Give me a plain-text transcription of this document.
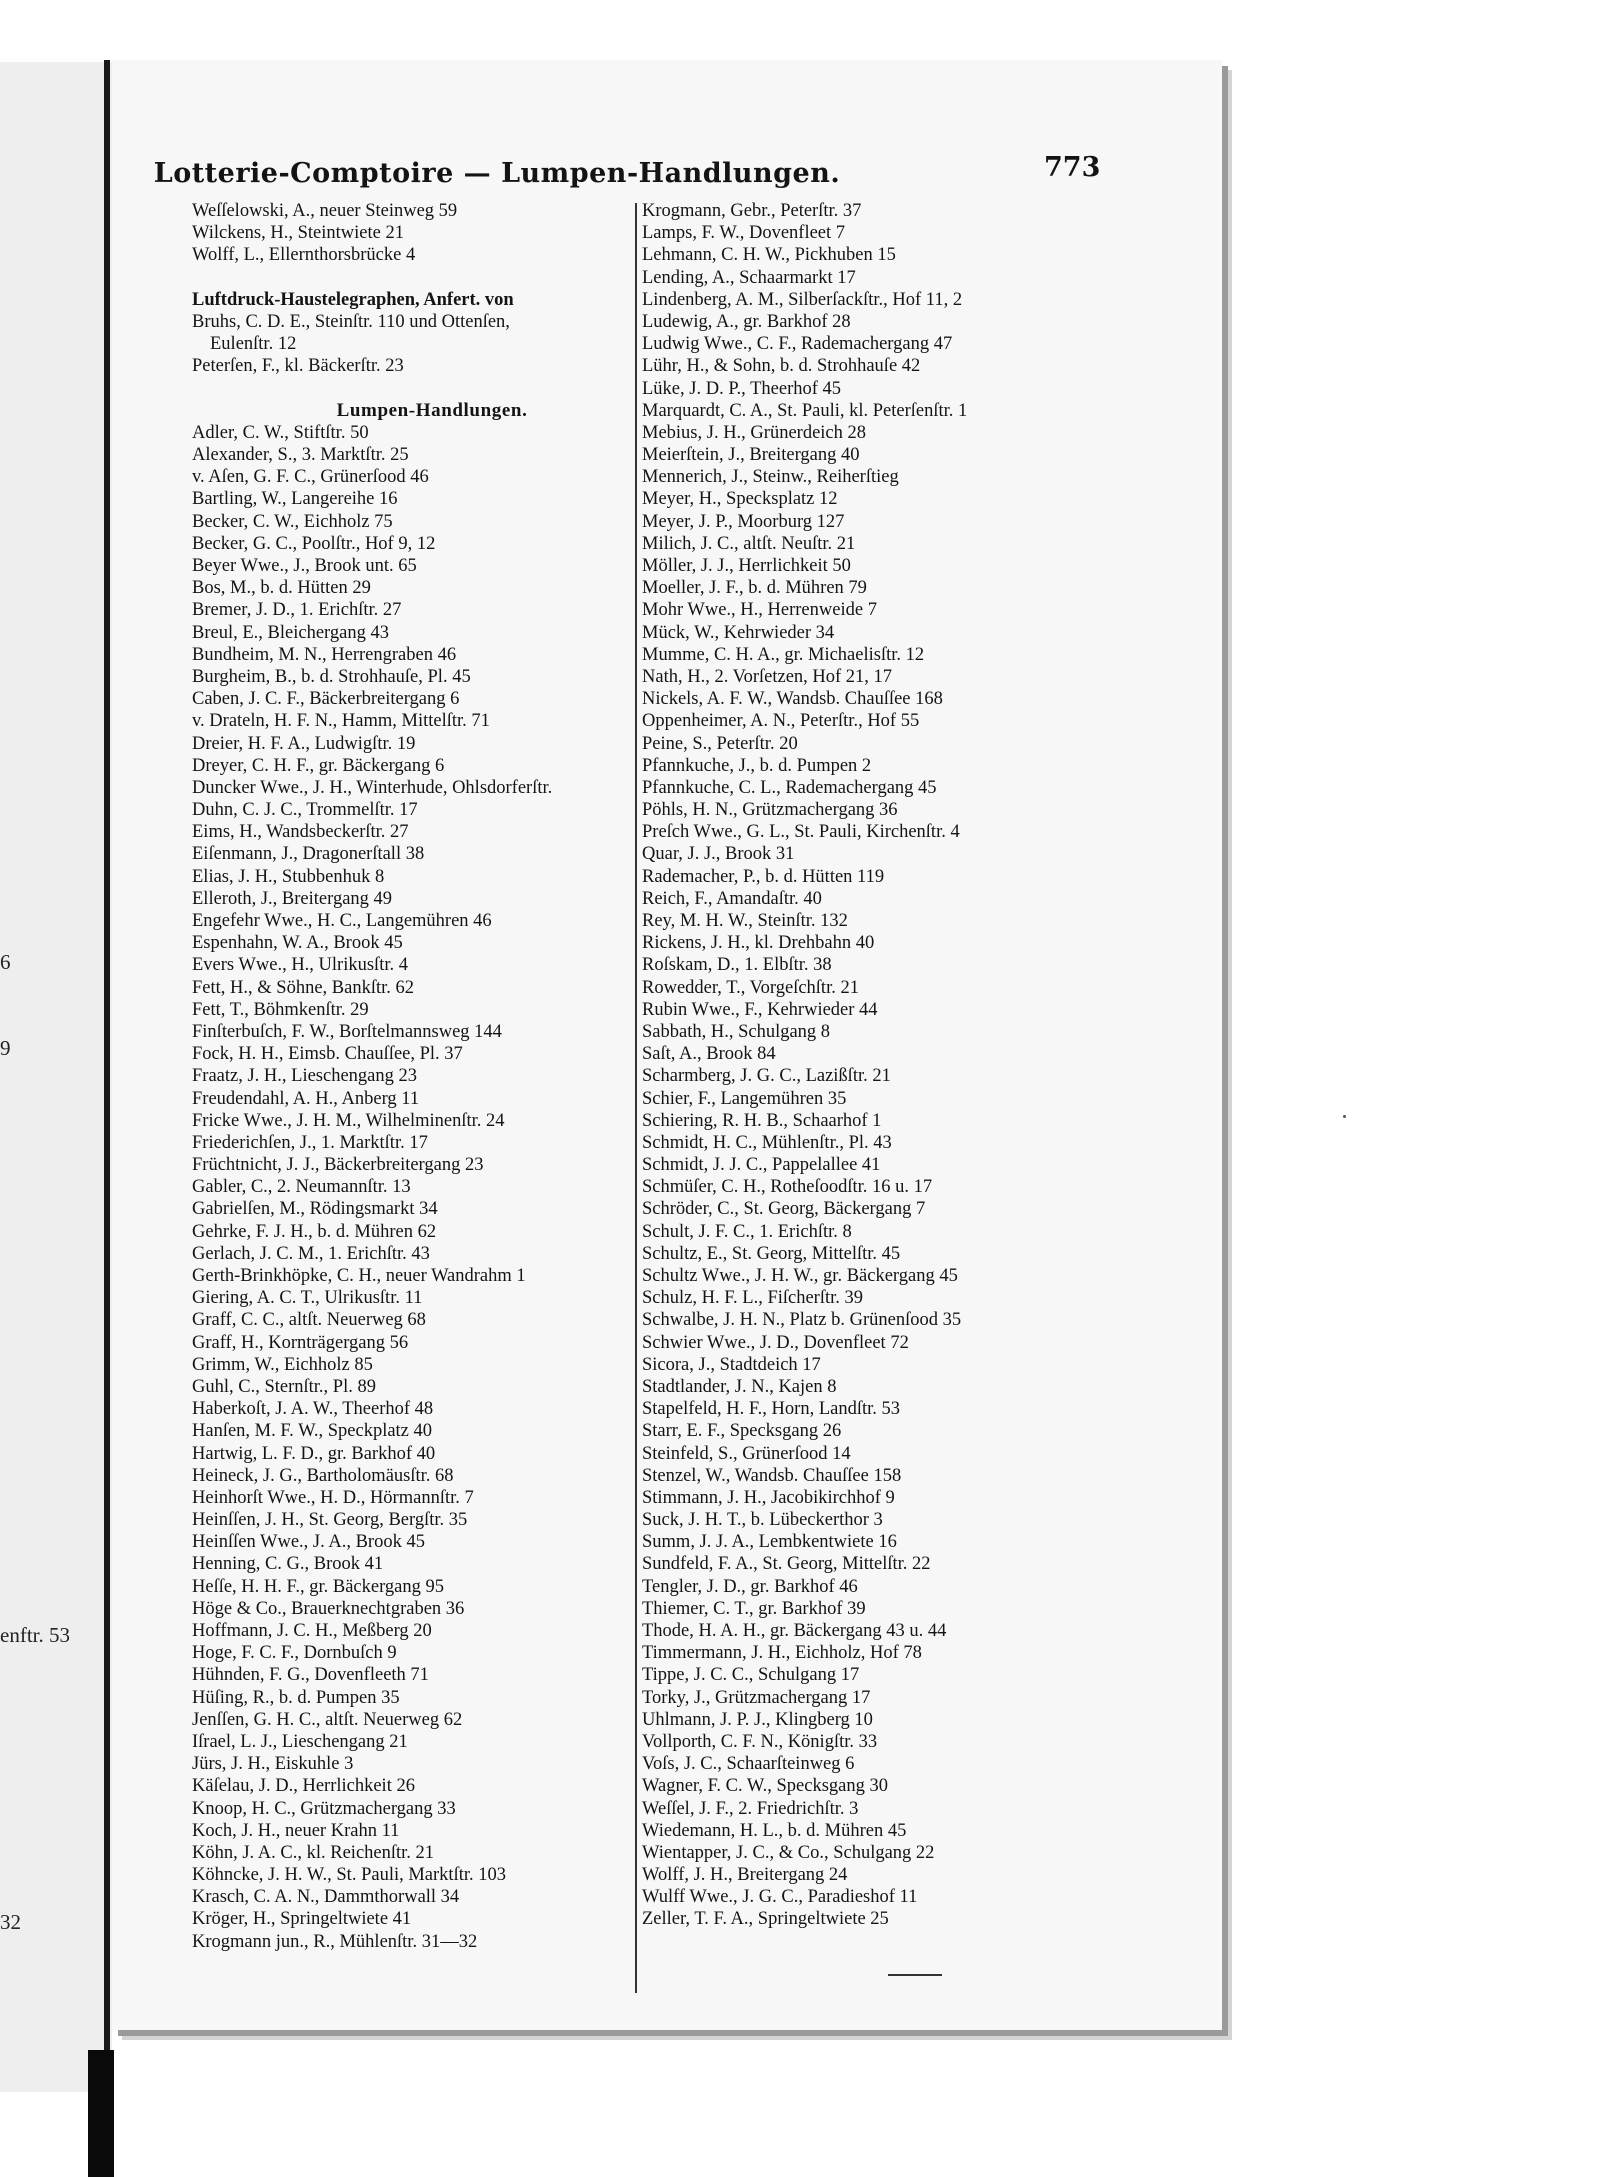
6
9
enftr. 53
32
Lotterie-Comptoire — Lumpen-Handlungen.	773
Weſſelowski, A., neuer Steinweg 59
Wilckens, H., Steintwiete 21
Wolff, L., Ellernthorsbrücke 4
Luftdruck-Haustelegraphen, Anfert. von
Bruhs, C. D. E., Steinſtr. 110 und Ottenſen,
Eulenſtr. 12
Peterſen, F., kl. Bäckerſtr. 23
Lumpen-Handlungen.
Adler, C. W., Stiftſtr. 50
Alexander, S., 3. Marktſtr. 25
v. Aſen, G. F. C., Grünerſood 46
Bartling, W., Langereihe 16
Becker, C. W., Eichholz 75
Becker, G. C., Poolſtr., Hof 9, 12
Beyer Wwe., J., Brook unt. 65
Bos, M., b. d. Hütten 29
Bremer, J. D., 1. Erichſtr. 27
Breul, E., Bleichergang 43
Bundheim, M. N., Herrengraben 46
Burgheim, B., b. d. Strohhauſe, Pl. 45
Caben, J. C. F., Bäckerbreitergang 6
v. Drateln, H. F. N., Hamm, Mittelſtr. 71
Dreier, H. F. A., Ludwigſtr. 19
Dreyer, C. H. F., gr. Bäckergang 6
Duncker Wwe., J. H., Winterhude, Ohlsdorferſtr.
Duhn, C. J. C., Trommelſtr. 17
Eims, H., Wandsbeckerſtr. 27
Eiſenmann, J., Dragonerſtall 38
Elias, J. H., Stubbenhuk 8
Elleroth, J., Breitergang 49
Engefehr Wwe., H. C., Langemühren 46
Espenhahn, W. A., Brook 45
Evers Wwe., H., Ulrikusſtr. 4
Fett, H., & Söhne, Bankſtr. 62
Fett, T., Böhmkenſtr. 29
Finſterbuſch, F. W., Borſtelmannsweg 144
Fock, H. H., Eimsb. Chauſſee, Pl. 37
Fraatz, J. H., Lieschengang 23
Freudendahl, A. H., Anberg 11
Fricke Wwe., J. H. M., Wilhelminenſtr. 24
Friederichſen, J., 1. Marktſtr. 17
Früchtnicht, J. J., Bäckerbreitergang 23
Gabler, C., 2. Neumannſtr. 13
Gabrielſen, M., Rödingsmarkt 34
Gehrke, F. J. H., b. d. Mühren 62
Gerlach, J. C. M., 1. Erichſtr. 43
Gerth-Brinkhöpke, C. H., neuer Wandrahm 1
Giering, A. C. T., Ulrikusſtr. 11
Graff, C. C., altſt. Neuerweg 68
Graff, H., Kornträgergang 56
Grimm, W., Eichholz 85
Guhl, C., Sternſtr., Pl. 89
Haberkoſt, J. A. W., Theerhof 48
Hanſen, M. F. W., Speckplatz 40
Hartwig, L. F. D., gr. Barkhof 40
Heineck, J. G., Bartholomäusſtr. 68
Heinhorſt Wwe., H. D., Hörmannſtr. 7
Heinſſen, J. H., St. Georg, Bergſtr. 35
Heinſſen Wwe., J. A., Brook 45
Henning, C. G., Brook 41
Heſſe, H. H. F., gr. Bäckergang 95
Höge & Co., Brauerknechtgraben 36
Hoffmann, J. C. H., Meßberg 20
Hoge, F. C. F., Dornbuſch 9
Hühnden, F. G., Dovenfleeth 71
Hüſing, R., b. d. Pumpen 35
Jenſſen, G. H. C., altſt. Neuerweg 62
Iſrael, L. J., Lieschengang 21
Jürs, J. H., Eiskuhle 3
Käſelau, J. D., Herrlichkeit 26
Knoop, H. C., Grützmachergang 33
Koch, J. H., neuer Krahn 11
Köhn, J. A. C., kl. Reichenſtr. 21
Köhncke, J. H. W., St. Pauli, Marktſtr. 103
Krasch, C. A. N., Dammthorwall 34
Kröger, H., Springeltwiete 41
Krogmann jun., R., Mühlenſtr. 31—32
Krogmann, Gebr., Peterſtr. 37
Lamps, F. W., Dovenfleet 7
Lehmann, C. H. W., Pickhuben 15
Lending, A., Schaarmarkt 17
Lindenberg, A. M., Silberſackſtr., Hof 11, 2
Ludewig, A., gr. Barkhof 28
Ludwig Wwe., C. F., Rademachergang 47
Lühr, H., & Sohn, b. d. Strohhauſe 42
Lüke, J. D. P., Theerhof 45
Marquardt, C. A., St. Pauli, kl. Peterſenſtr. 1
Mebius, J. H., Grünerdeich 28
Meierſtein, J., Breitergang 40
Mennerich, J., Steinw., Reiherſtieg
Meyer, H., Specksplatz 12
Meyer, J. P., Moorburg 127
Milich, J. C., altſt. Neuſtr. 21
Möller, J. J., Herrlichkeit 50
Moeller, J. F., b. d. Mühren 79
Mohr Wwe., H., Herrenweide 7
Mück, W., Kehrwieder 34
Mumme, C. H. A., gr. Michaelisſtr. 12
Nath, H., 2. Vorſetzen, Hof 21, 17
Nickels, A. F. W., Wandsb. Chauſſee 168
Oppenheimer, A. N., Peterſtr., Hof 55
Peine, S., Peterſtr. 20
Pfannkuche, J., b. d. Pumpen 2
Pfannkuche, C. L., Rademachergang 45
Pöhls, H. N., Grützmachergang 36
Preſch Wwe., G. L., St. Pauli, Kirchenſtr. 4
Quar, J. J., Brook 31
Rademacher, P., b. d. Hütten 119
Reich, F., Amandaſtr. 40
Rey, M. H. W., Steinſtr. 132
Rickens, J. H., kl. Drehbahn 40
Roſskam, D., 1. Elbſtr. 38
Rowedder, T., Vorgeſchſtr. 21
Rubin Wwe., F., Kehrwieder 44
Sabbath, H., Schulgang 8
Saſt, A., Brook 84
Scharmberg, J. G. C., Lazißſtr. 21
Schier, F., Langemühren 35
Schiering, R. H. B., Schaarhof 1
Schmidt, H. C., Mühlenſtr., Pl. 43
Schmidt, J. J. C., Pappelallee 41
Schmüſer, C. H., Rotheſoodſtr. 16 u. 17
Schröder, C., St. Georg, Bäckergang 7
Schult, J. F. C., 1. Erichſtr. 8
Schultz, E., St. Georg, Mittelſtr. 45
Schultz Wwe., J. H. W., gr. Bäckergang 45
Schulz, H. F. L., Fiſcherſtr. 39
Schwalbe, J. H. N., Platz b. Grünenſood 35
Schwier Wwe., J. D., Dovenfleet 72
Sicora, J., Stadtdeich 17
Stadtlander, J. N., Kajen 8
Stapelfeld, H. F., Horn, Landſtr. 53
Starr, E. F., Specksgang 26
Steinfeld, S., Grünerſood 14
Stenzel, W., Wandsb. Chauſſee 158
Stimmann, J. H., Jacobikirchhof 9
Suck, J. H. T., b. Lübeckerthor 3
Summ, J. J. A., Lembkentwiete 16
Sundfeld, F. A., St. Georg, Mittelſtr. 22
Tengler, J. D., gr. Barkhof 46
Thiemer, C. T., gr. Barkhof 39
Thode, H. A. H., gr. Bäckergang 43 u. 44
Timmermann, J. H., Eichholz, Hof 78
Tippe, J. C. C., Schulgang 17
Torky, J., Grützmachergang 17
Uhlmann, J. P. J., Klingberg 10
Vollporth, C. F. N., Königſtr. 33
Voſs, J. C., Schaarſteinweg 6
Wagner, F. C. W., Specksgang 30
Weſſel, J. F., 2. Friedrichſtr. 3
Wiedemann, H. L., b. d. Mühren 45
Wientapper, J. C., & Co., Schulgang 22
Wolff, J. H., Breitergang 24
Wulff Wwe., J. G. C., Paradieshof 11
Zeller, T. F. A., Springeltwiete 25
